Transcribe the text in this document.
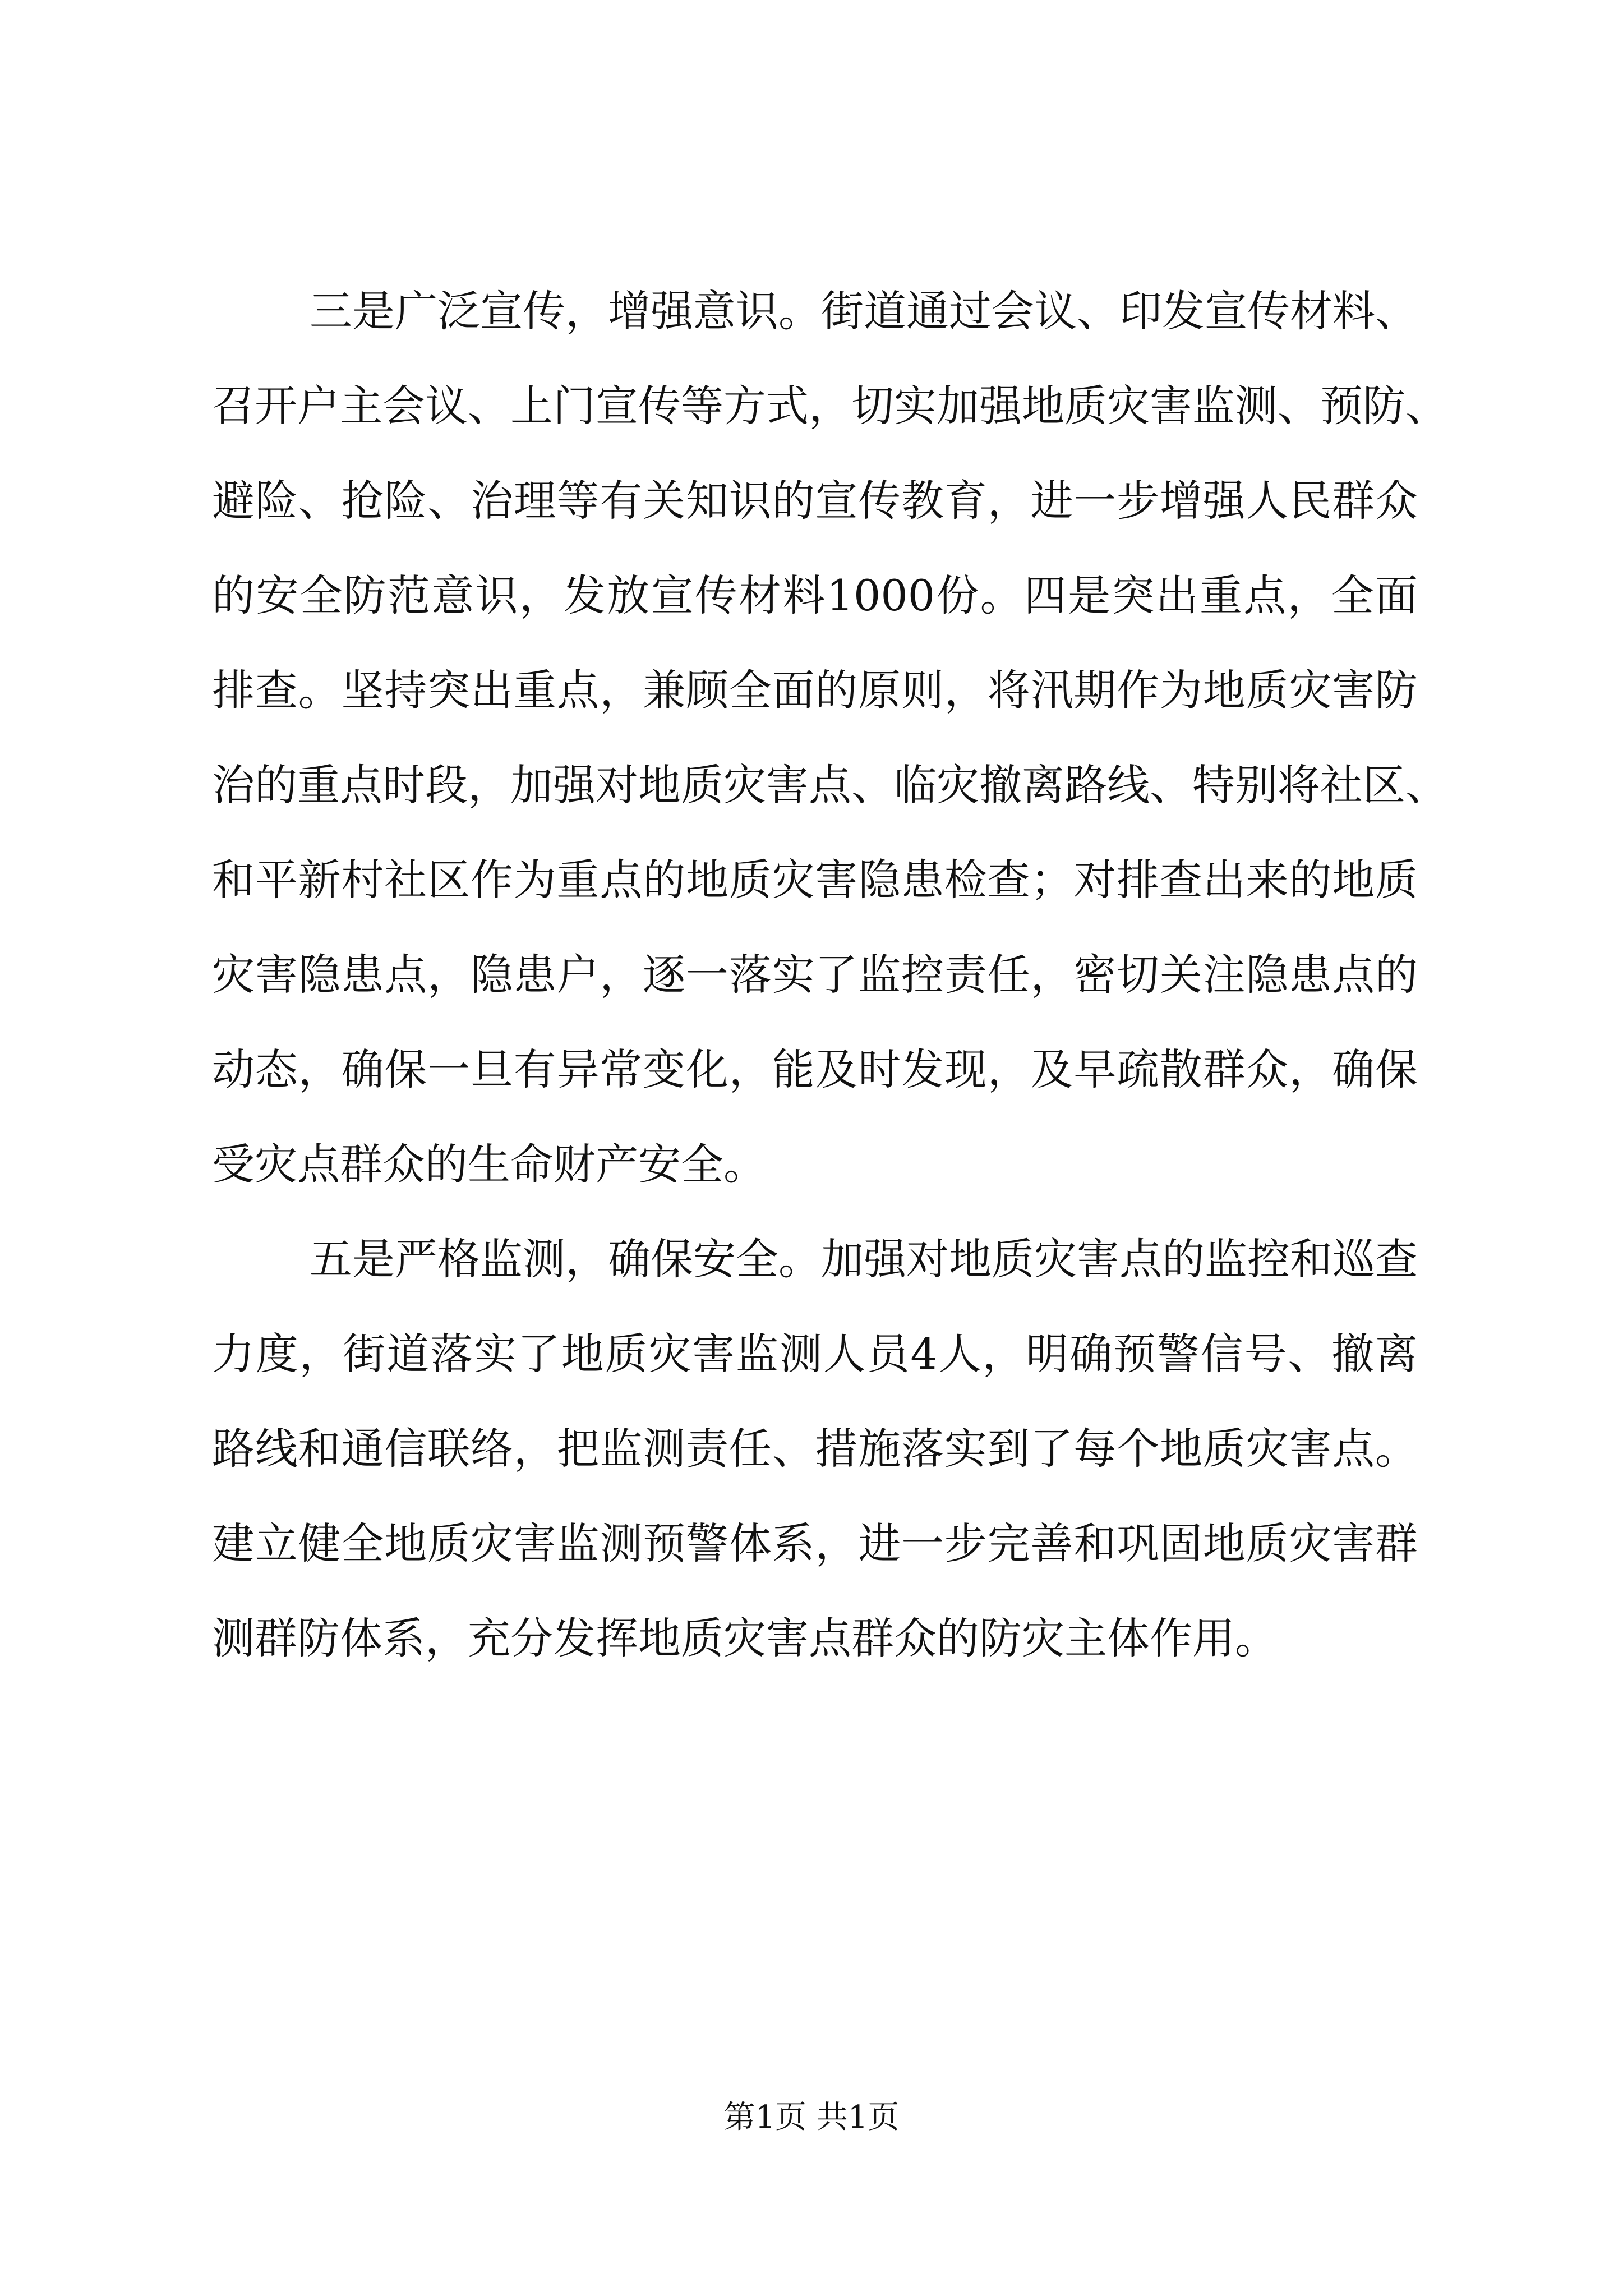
三是广泛宣传，增强意识。街道通过会议、印发宣传材料、
召开户主会议、上门宣传等方式，切实加强地质灾害监测、预防、
避险、抢险、治理等有关知识的宣传教育，进一步增强人民群众
的安全防范意识，发放宣传材料1000份。四是突出重点，全面
排查。坚持突出重点，兼顾全面的原则，将汛期作为地质灾害防
治的重点时段，加强对地质灾害点、临灾撤离路线、特别将社区、
和平新村社区作为重点的地质灾害隐患检查；对排查出来的地质
灾害隐患点，隐患户，逐一落实了监控责任，密切关注隐患点的
动态，确保一旦有异常变化，能及时发现，及早疏散群众，确保
受灾点群众的生命财产安全。
五是严格监测，确保安全。加强对地质灾害点的监控和巡查
力度，街道落实了地质灾害监测人员4人，明确预警信号、撤离
路线和通信联络，把监测责任、措施落实到了每个地质灾害点。
建立健全地质灾害监测预警体系，进一步完善和巩固地质灾害群
测群防体系，充分发挥地质灾害点群众的防灾主体作用。
第1页 共1页
